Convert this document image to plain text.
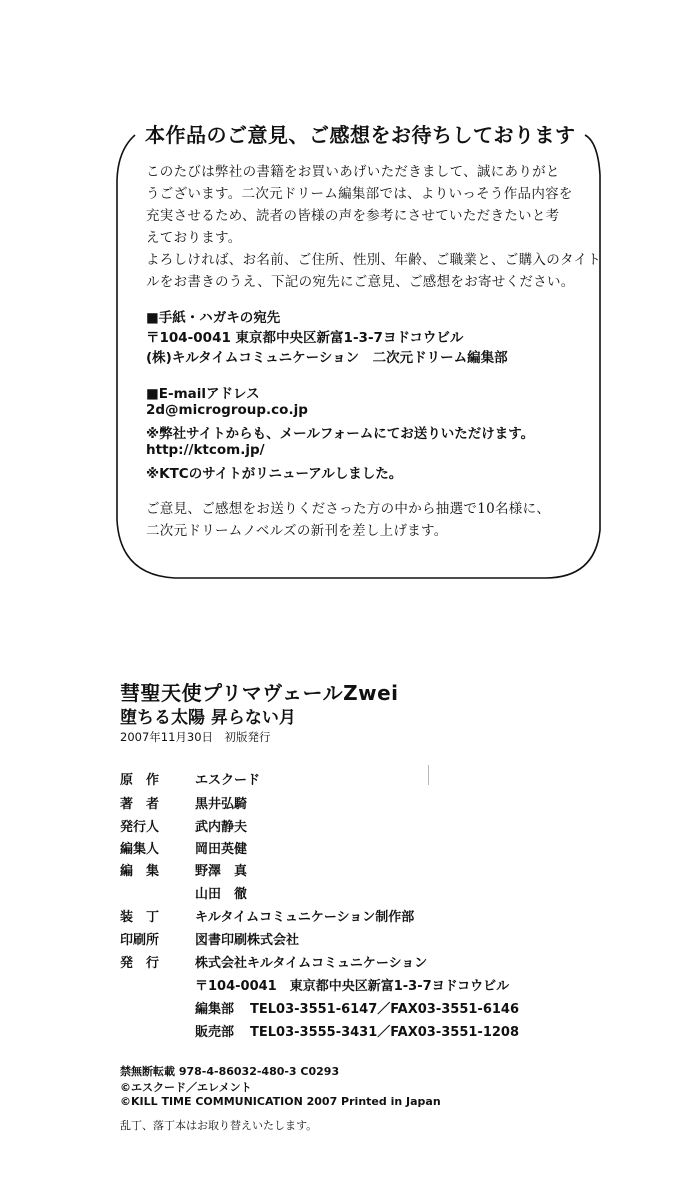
本作品のご意見、ご感想をお待ちしております
このたびは弊社の書籍をお買いあげいただきまして、誠にありがと
うございます。二次元ドリーム編集部では、よりいっそう作品内容を
充実させるため、読者の皆様の声を参考にさせていただきたいと考
えております。
よろしければ、お名前、ご住所、性別、年齢、ご職業と、ご購入のタイト
ルをお書きのうえ、下記の宛先にご意見、ご感想をお寄せください。
■手紙・ハガキの宛先
〒104-0041 東京都中央区新富1-3-7ヨドコウビル
(株)キルタイムコミュニケーション　二次元ドリーム編集部
■E-mailアドレス
2d@microgroup.co.jp
※弊社サイトからも、メールフォームにてお送りいただけます。
http://ktcom.jp/
※KTCのサイトがリニューアルしました。
ご意見、ご感想をお送りくださった方の中から抽選で10名様に、
二次元ドリームノベルズの新刊を差し上げます。
彗聖天使プリマヴェールZwei
堕ちる太陽 昇らない月
2007年11月30日　初版発行
原　作	エスクード
著　者	黒井弘騎
発行人	武内静夫
編集人	岡田英健
編　集	野澤　真
山田　徹
装　丁	キルタイムコミュニケーション制作部
印刷所	図書印刷株式会社
発　行	株式会社キルタイムコミュニケーション
〒104-0041　東京都中央区新富1-3-7ヨドコウビル
編集部 TEL03-3551-6147／FAX03-3551-6146
販売部 TEL03-3555-3431／FAX03-3551-1208
禁無断転載 978-4-86032-480-3 C0293
©エスクード／エレメント
©KILL TIME COMMUNICATION 2007 Printed in Japan
乱丁、落丁本はお取り替えいたします。
